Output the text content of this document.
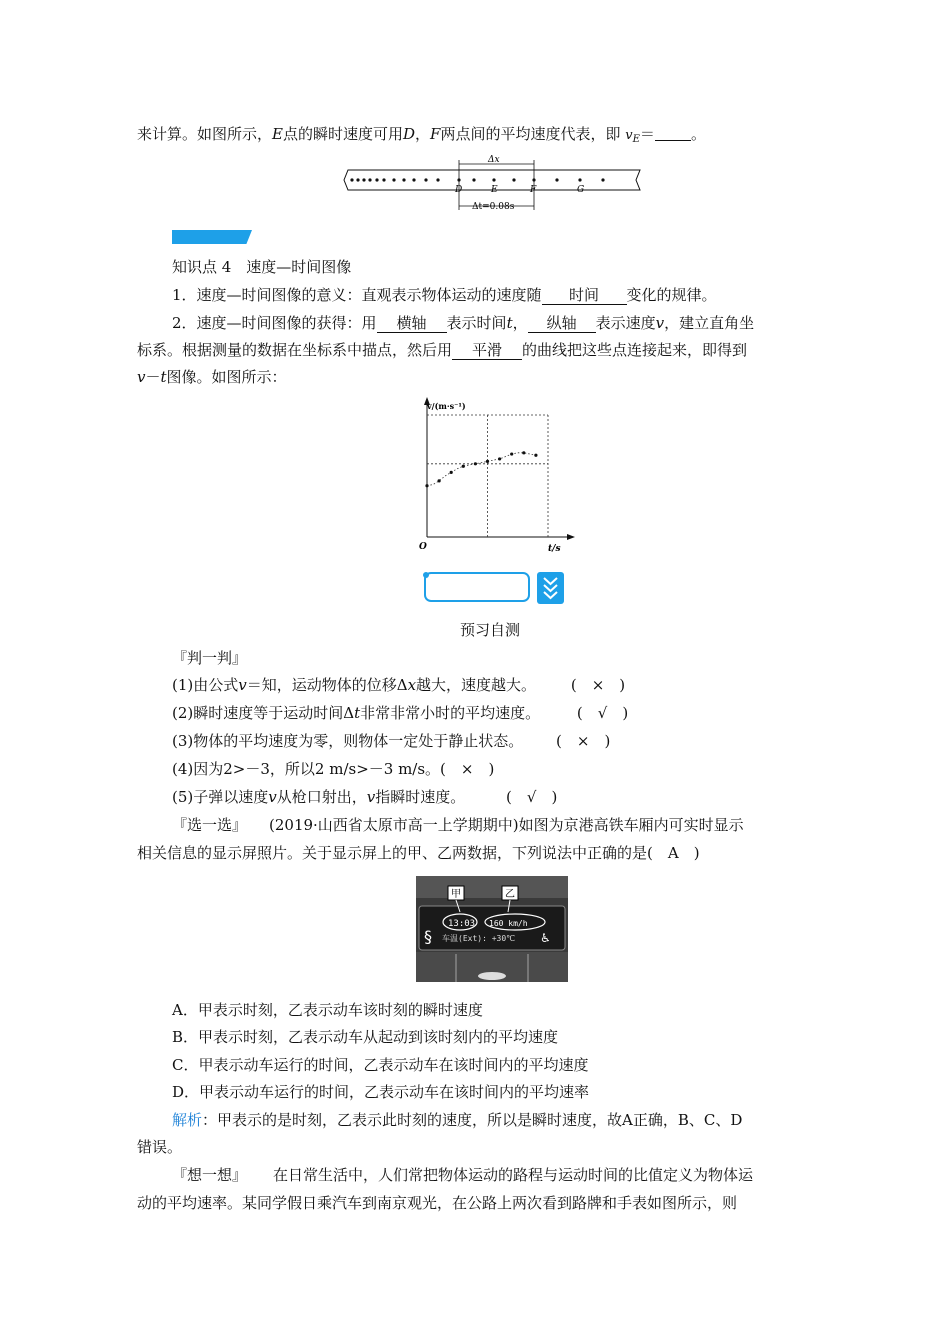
来计算。如图所示，E点的瞬时速度可用D，F两点间的平均速度代表，即 $v_E=$ 。
Δx
D	E	F	G
Δt=0.08s
知识点 4　速度—时间图像
1．速度—时间图像的意义：直观表示物体运动的速度随 时间 变化的规律。
2．速度—时间图像的获得：用 横轴 表示时间t， 纵轴 表示速度v，建立直角坐
标系。根据测量的数据在坐标系中描点，然后用 平滑 的曲线把这些点连接起来，即得到
v－t图像。如图所示：
v/(m·s⁻¹)
t/s
O
预习自测
『判一判』
(1)由公式v＝知，运动物体的位移Δx越大，速度越大。 (　×　)
(2)瞬时速度等于运动时间Δt非常非常小时的平均速度。 (　√　)
(3)物体的平均速度为零，则物体一定处于静止状态。 (　×　)
(4)因为2>－3，所以2 m/s>－3 m/s。(　×　)
(5)子弹以速度v从枪口射出，v指瞬时速度。	(　√　)
『选一选』 (2019·山西省太原市高一上学期期中)如图为京港高铁车厢内可实时显示
相关信息的显示屏照片。关于显示屏上的甲、乙两数据，下列说法中正确的是(　A　)
甲	乙
13:03 160 km/h
§ 车温(Ext): +30℃ ♿
A．甲表示时刻，乙表示动车该时刻的瞬时速度
B．甲表示时刻，乙表示动车从起动到该时刻内的平均速度
C．甲表示动车运行的时间，乙表示动车在该时间内的平均速度
D．甲表示动车运行的时间，乙表示动车在该时间内的平均速率
解析：甲表示的是时刻，乙表示此时刻的速度，所以是瞬时速度，故A正确，B、C、D
错误。
『想一想』 在日常生活中，人们常把物体运动的路程与运动时间的比值定义为物体运
动的平均速率。某同学假日乘汽车到南京观光，在公路上两次看到路牌和手表如图所示，则
